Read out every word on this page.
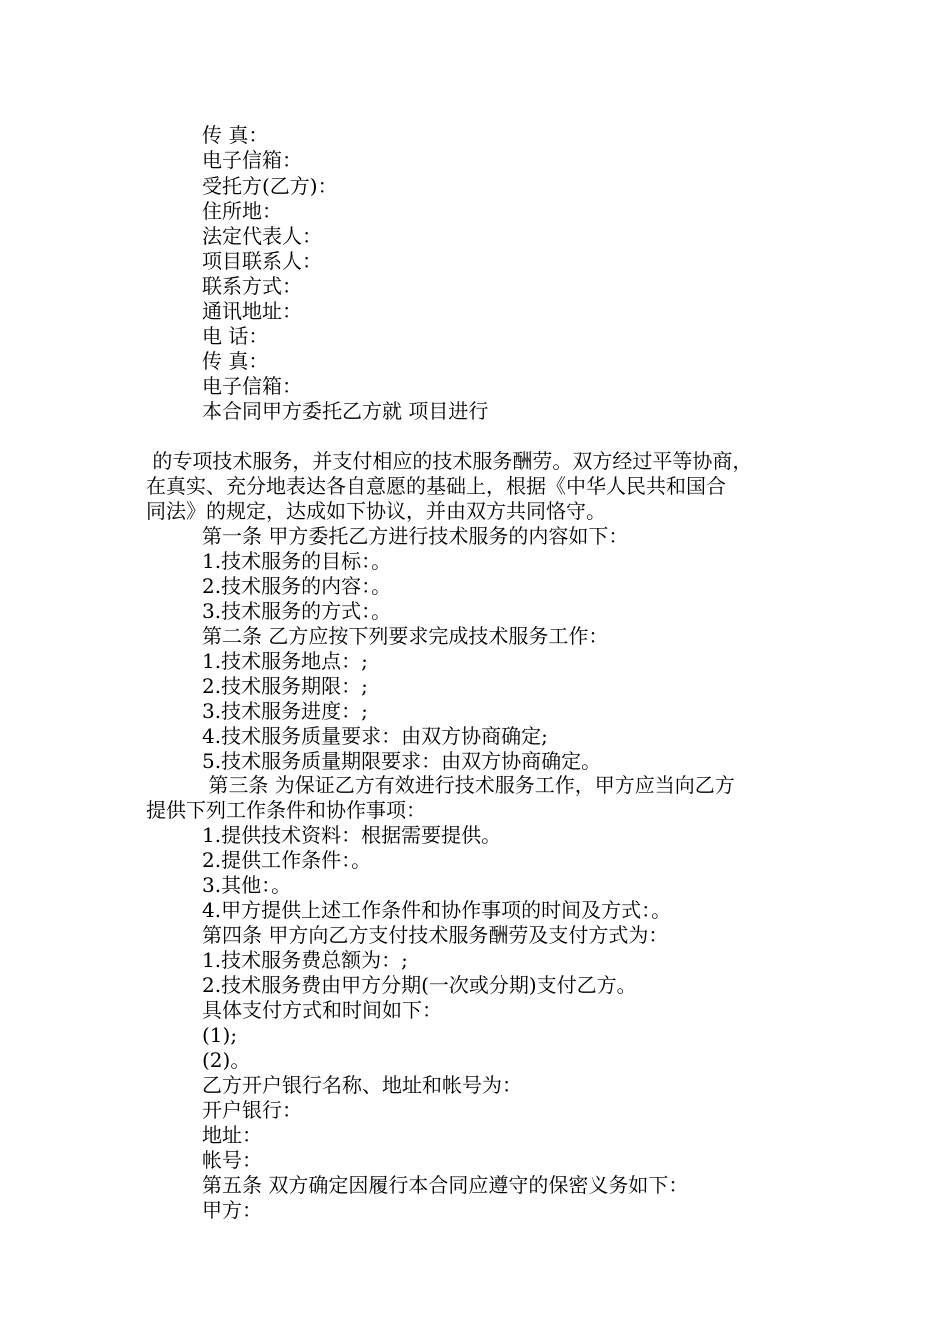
传 真：
电子信箱：
受托方(乙方)：
住所地：
法定代表人：
项目联系人：
联系方式：
通讯地址：
电 话：
传 真：
电子信箱：
本合同甲方委托乙方就 项目进行
的专项技术服务，并支付相应的技术服务酬劳。双方经过平等协商，
在真实、充分地表达各自意愿的基础上，根据《中华人民共和国合
同法》的规定，达成如下协议，并由双方共同恪守。
第一条 甲方委托乙方进行技术服务的内容如下：
1.技术服务的目标：。
2.技术服务的内容：。
3.技术服务的方式：。
第二条 乙方应按下列要求完成技术服务工作：
1.技术服务地点：;
2.技术服务期限：;
3.技术服务进度：;
4.技术服务质量要求：由双方协商确定;
5.技术服务质量期限要求：由双方协商确定。
第三条 为保证乙方有效进行技术服务工作，甲方应当向乙方
提供下列工作条件和协作事项：
1.提供技术资料：根据需要提供。
2.提供工作条件：。
3.其他：。
4.甲方提供上述工作条件和协作事项的时间及方式：。
第四条 甲方向乙方支付技术服务酬劳及支付方式为：
1.技术服务费总额为：;
2.技术服务费由甲方分期(一次或分期)支付乙方。
具体支付方式和时间如下：
(1);
(2)。
乙方开户银行名称、地址和帐号为：
开户银行：
地址：
帐号：
第五条 双方确定因履行本合同应遵守的保密义务如下：
甲方：
